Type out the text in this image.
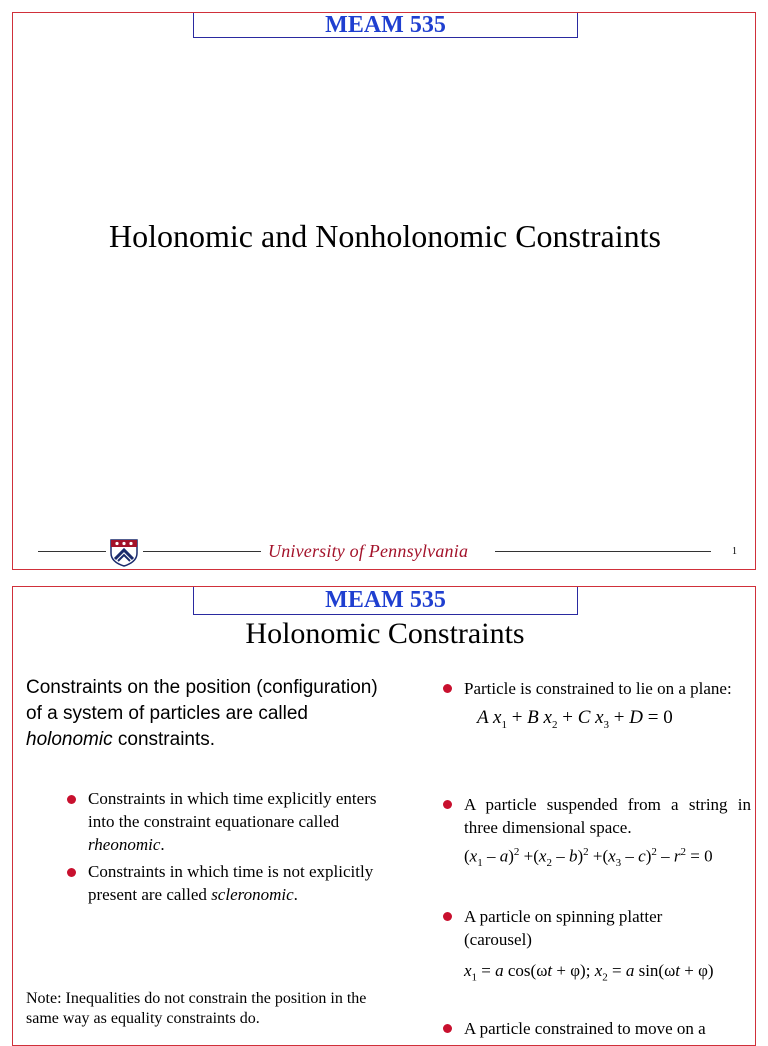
MEAM 535
Holonomic and Nonholonomic Constraints
University of Pennsylvania	1
MEAM 535
Holonomic Constraints
Constraints on the position (configuration) of a system of particles are called holonomic constraints.
Constraints in which time explicitly enters into the constraint equationare called rheonomic.
Constraints in which time is not explicitly present are called scleronomic.
Note: Inequalities do not constrain the position in the same way as equality constraints do.
Particle is constrained to lie on a plane:
A $x_1 + B$ $x_2 + C$ $x_3 + D = 0$
A particle suspended from a string in three dimensional space.
$(x_1 - a)^2 +(x_2 - b)^2 +(x_3 - c)^2 - r^2 = 0$
A particle on spinning platter (carousel)
$x_1 = a$ cos(ωt + φ); $x_2 = a$ sin(ωt + φ)
A particle constrained to move on a
